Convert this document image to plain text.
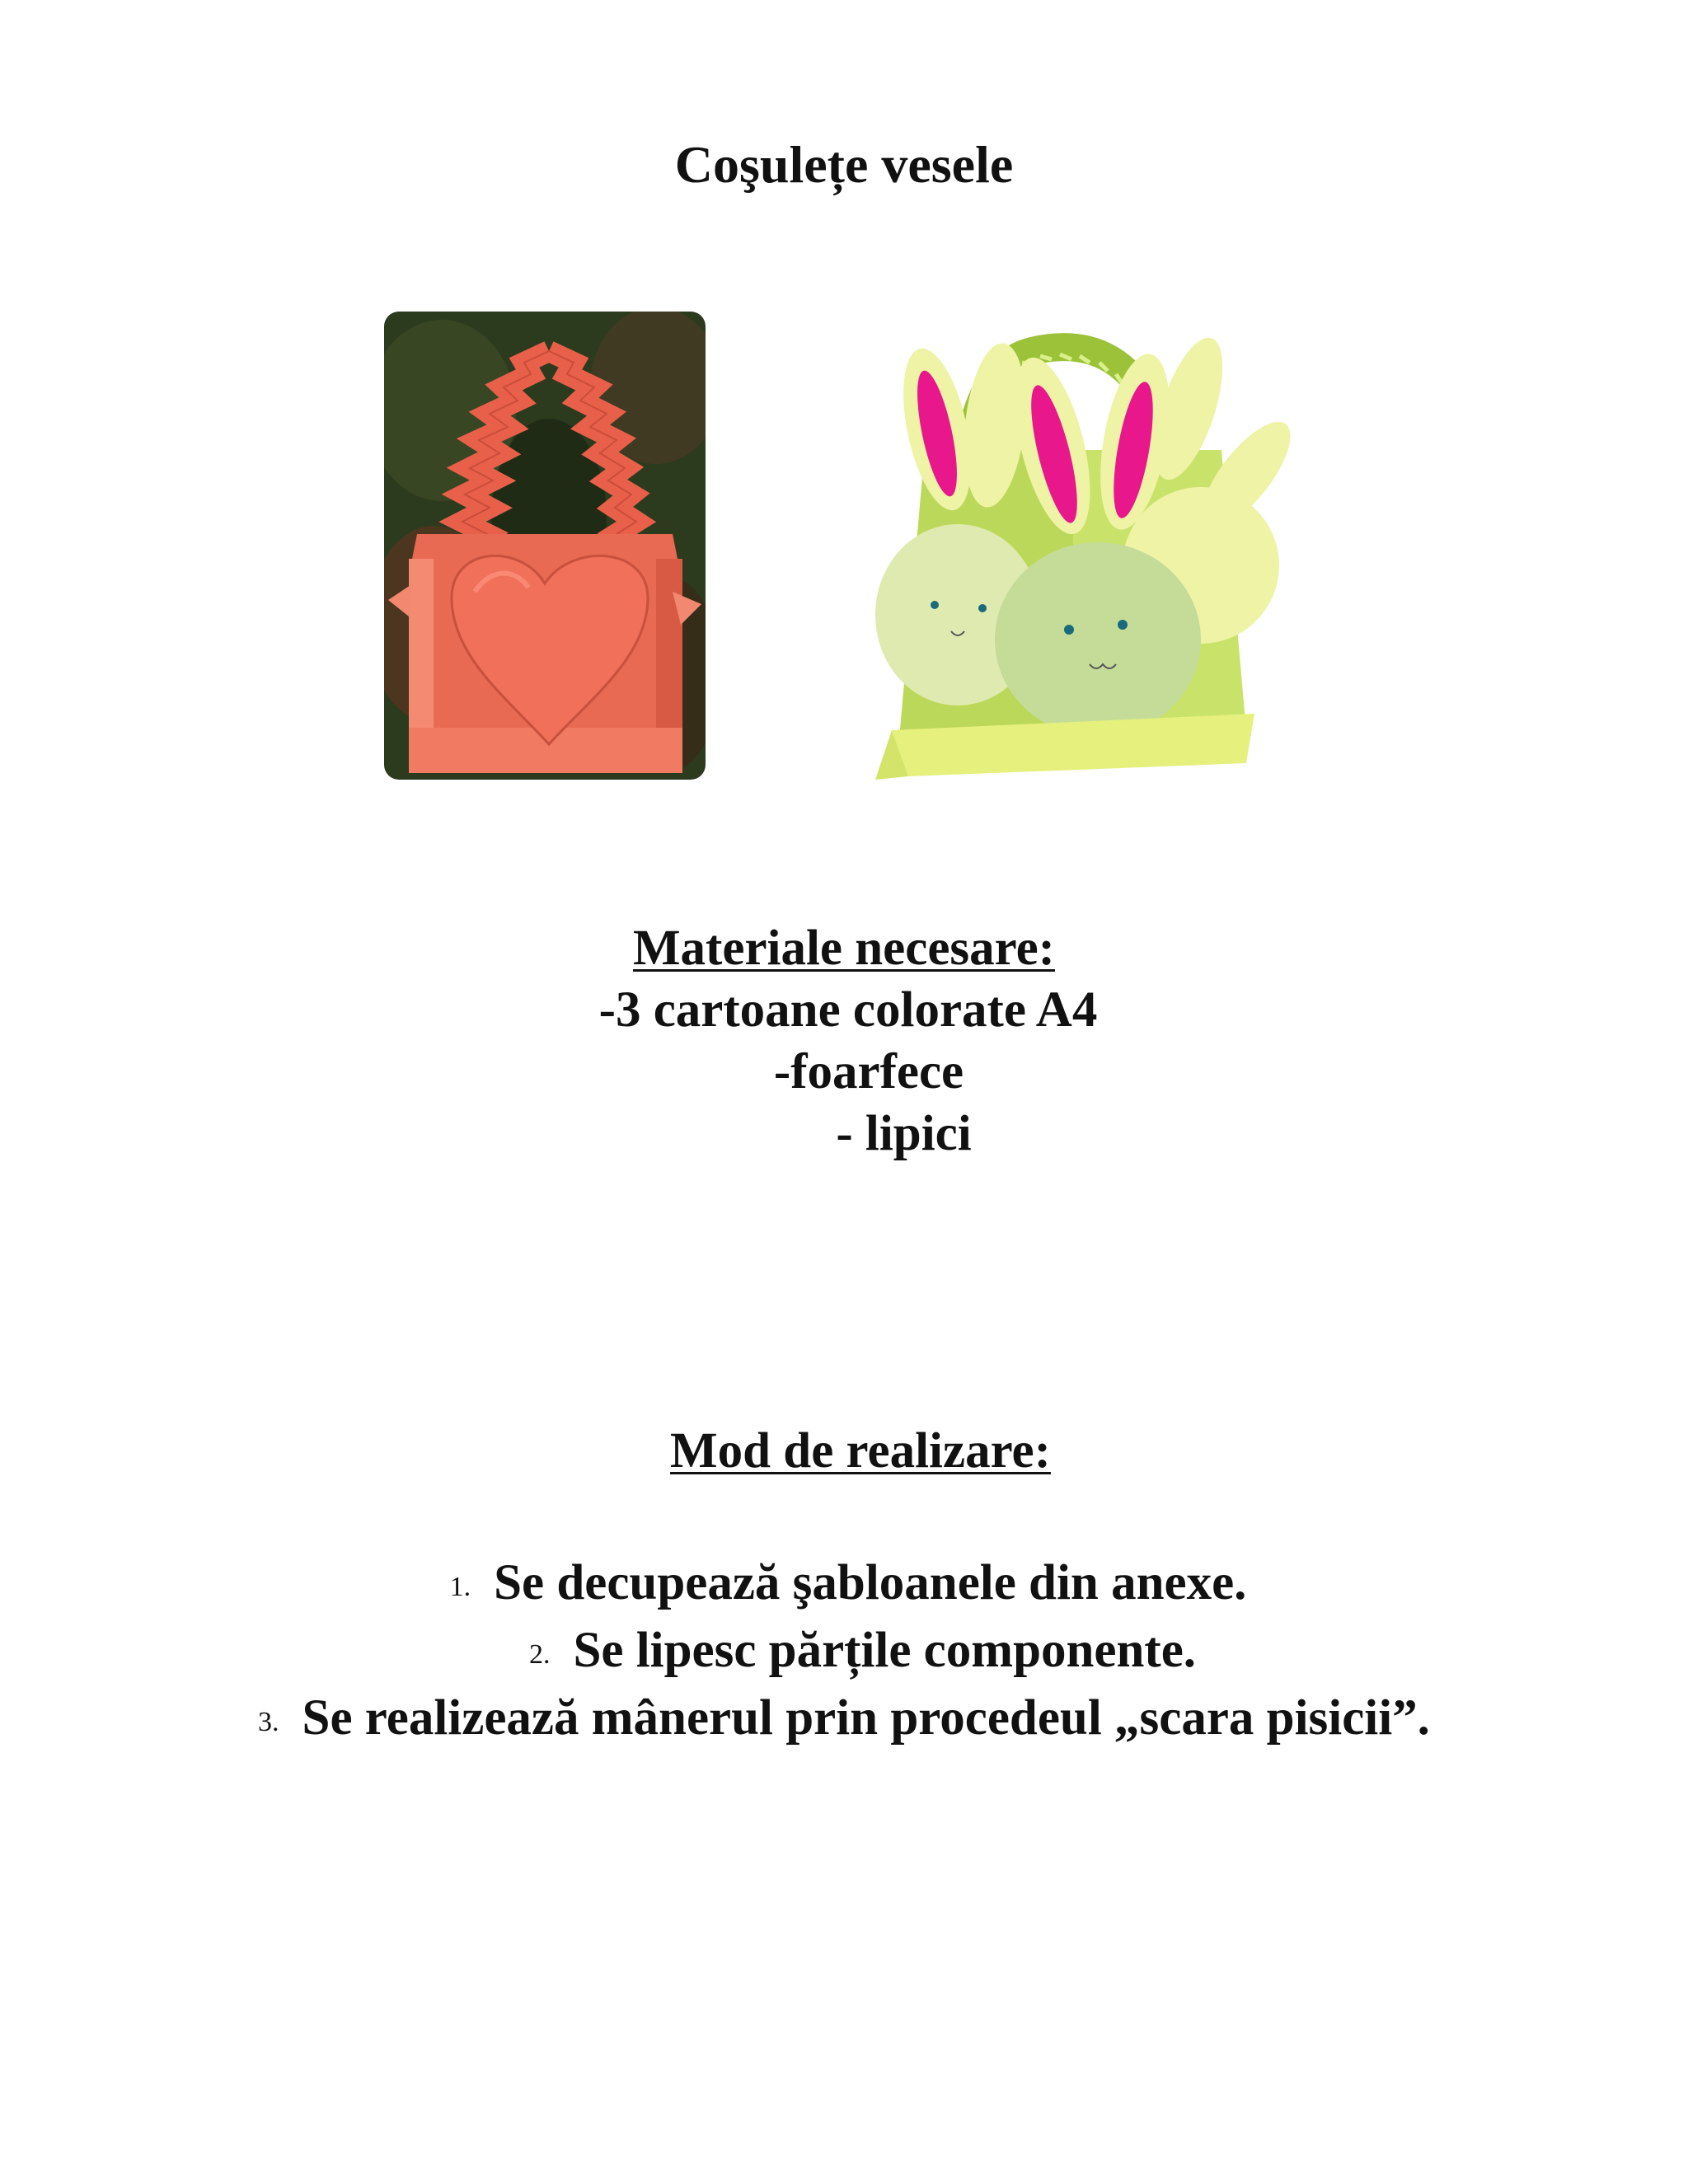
Coşulețe vesele
Materiale necesare:
-3 cartoane colorate A4
-foarfece
- lipici
Mod de realizare:
1. Se decupează şabloanele din anexe.
2. Se lipesc părțile componente.
3. Se realizează mânerul prin procedeul „scara pisicii”.
